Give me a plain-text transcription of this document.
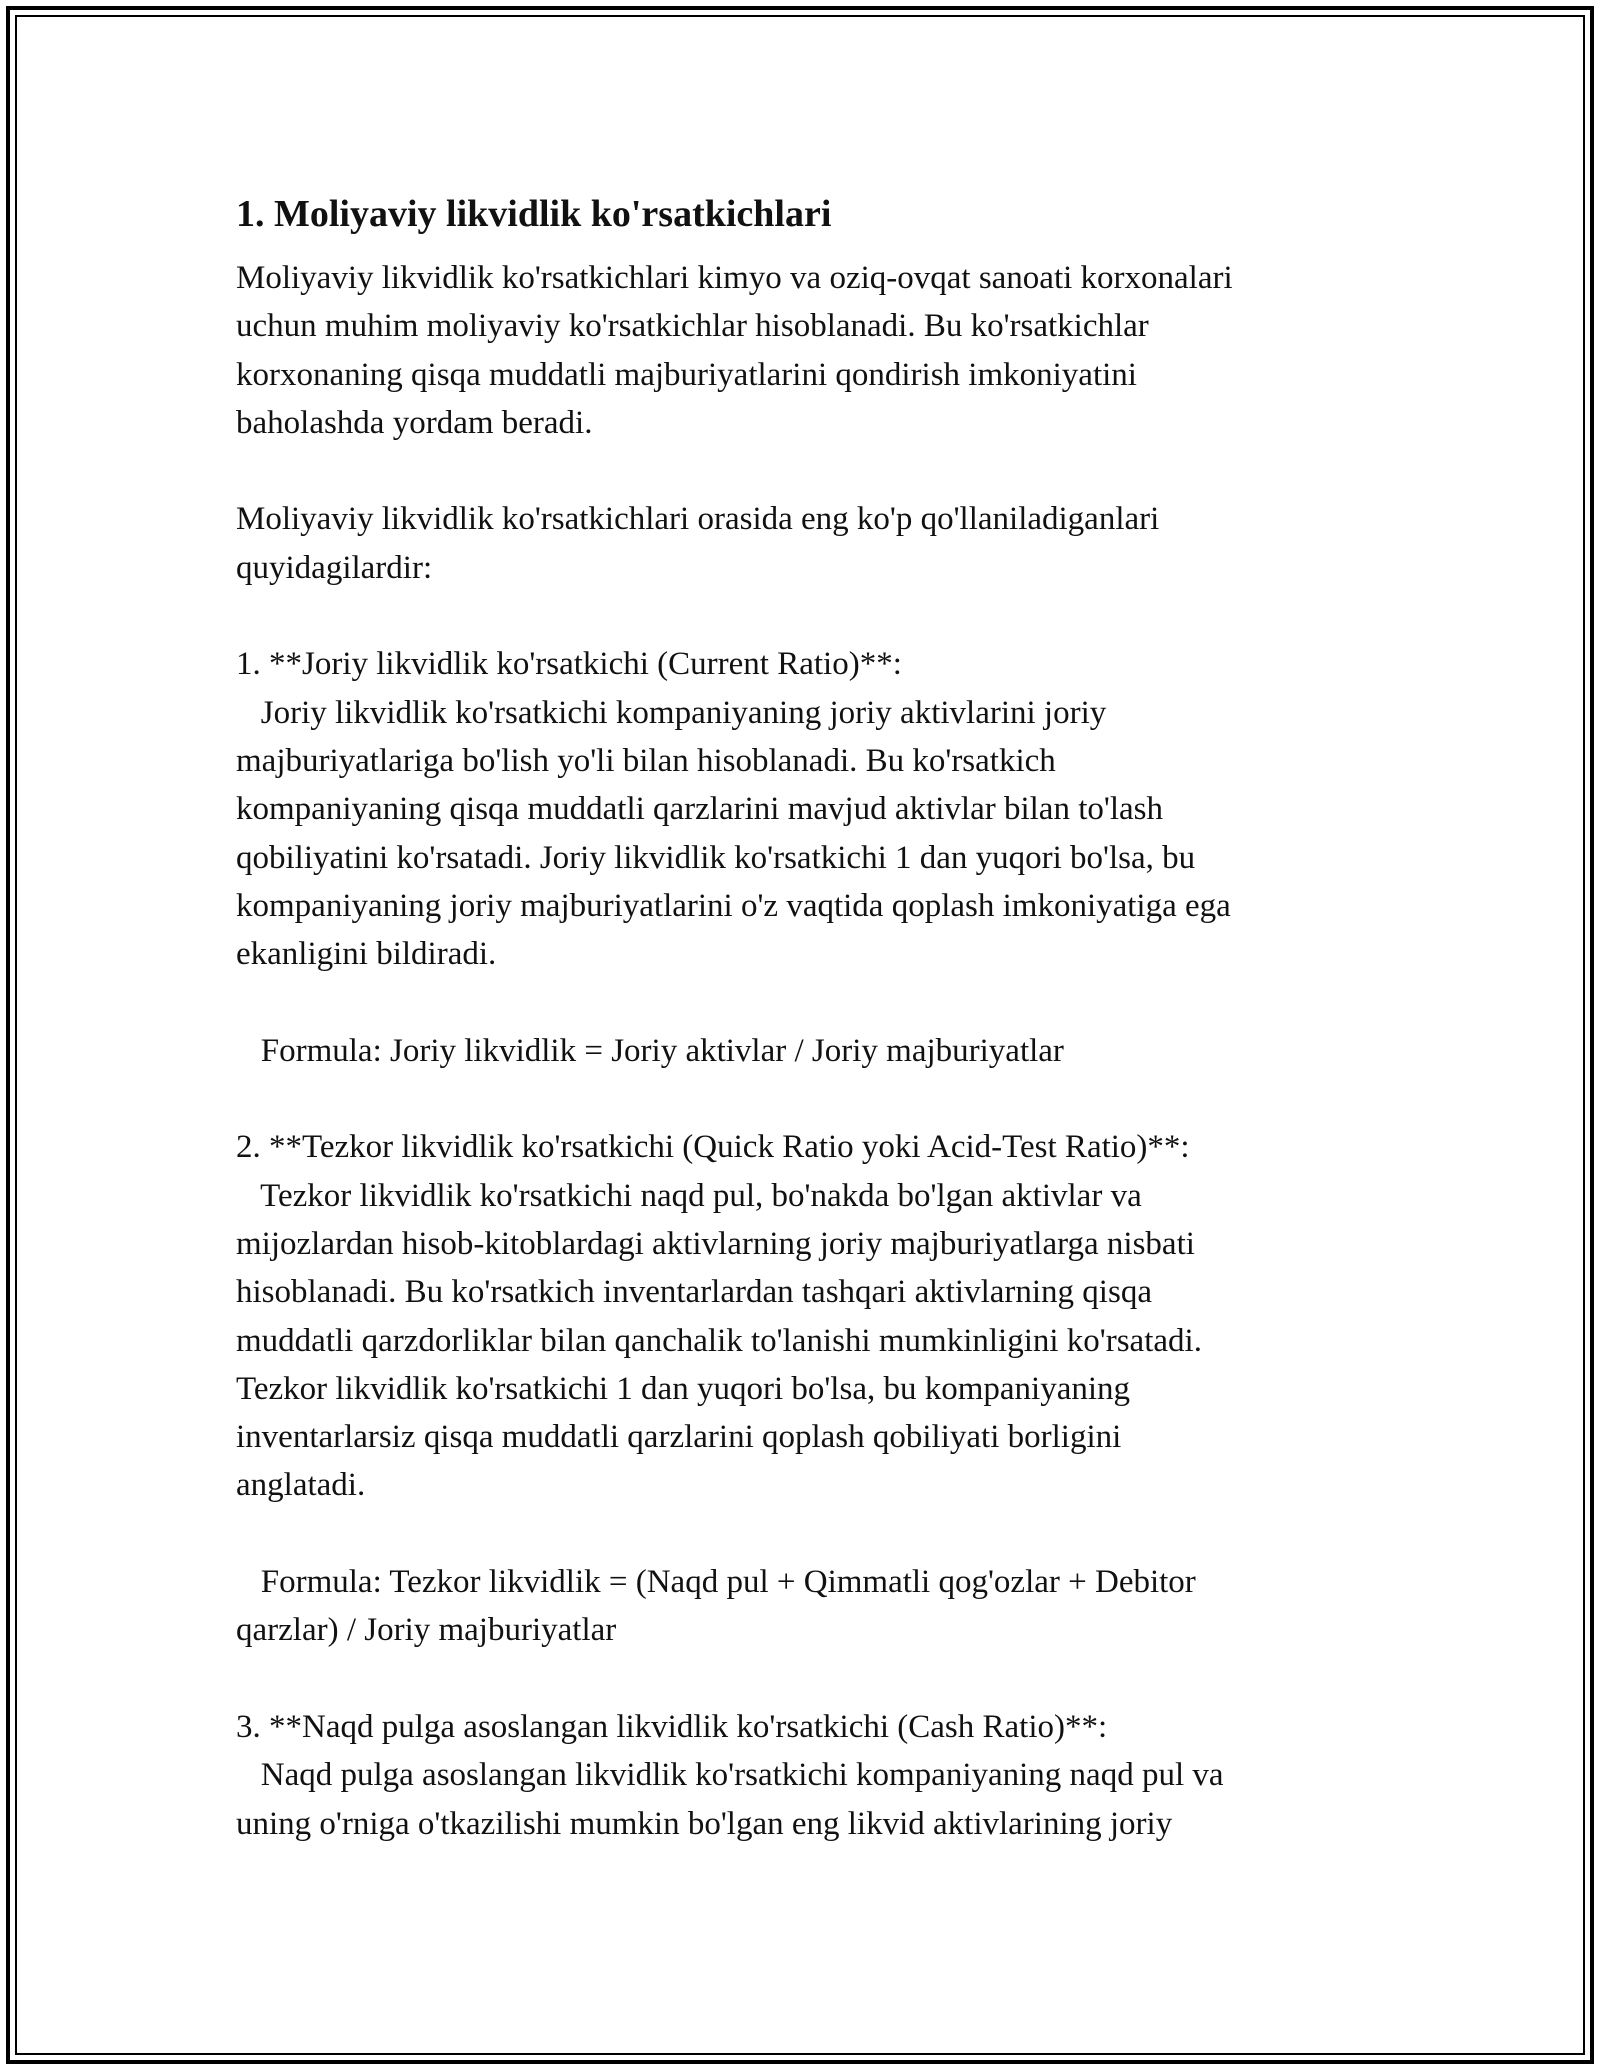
1. Moliyaviy likvidlik ko'rsatkichlari
Moliyaviy likvidlik ko'rsatkichlari kimyo va oziq-ovqat sanoati korxonalari
uchun muhim moliyaviy ko'rsatkichlar hisoblanadi. Bu ko'rsatkichlar
korxonaning qisqa muddatli majburiyatlarini qondirish imkoniyatini
baholashda yordam beradi.
Moliyaviy likvidlik ko'rsatkichlari orasida eng ko'p qo'llaniladiganlari
quyidagilardir:
1. **Joriy likvidlik ko'rsatkichi (Current Ratio)**:
Joriy likvidlik ko'rsatkichi kompaniyaning joriy aktivlarini joriy
majburiyatlariga bo'lish yo'li bilan hisoblanadi. Bu ko'rsatkich
kompaniyaning qisqa muddatli qarzlarini mavjud aktivlar bilan to'lash
qobiliyatini ko'rsatadi. Joriy likvidlik ko'rsatkichi 1 dan yuqori bo'lsa, bu
kompaniyaning joriy majburiyatlarini o'z vaqtida qoplash imkoniyatiga ega
ekanligini bildiradi.
Formula: Joriy likvidlik = Joriy aktivlar / Joriy majburiyatlar
2. **Tezkor likvidlik ko'rsatkichi (Quick Ratio yoki Acid-Test Ratio)**:
Tezkor likvidlik ko'rsatkichi naqd pul, bo'nakda bo'lgan aktivlar va
mijozlardan hisob-kitoblardagi aktivlarning joriy majburiyatlarga nisbati
hisoblanadi. Bu ko'rsatkich inventarlardan tashqari aktivlarning qisqa
muddatli qarzdorliklar bilan qanchalik to'lanishi mumkinligini ko'rsatadi.
Tezkor likvidlik ko'rsatkichi 1 dan yuqori bo'lsa, bu kompaniyaning
inventarlarsiz qisqa muddatli qarzlarini qoplash qobiliyati borligini
anglatadi.
Formula: Tezkor likvidlik = (Naqd pul + Qimmatli qog'ozlar + Debitor
qarzlar) / Joriy majburiyatlar
3. **Naqd pulga asoslangan likvidlik ko'rsatkichi (Cash Ratio)**:
Naqd pulga asoslangan likvidlik ko'rsatkichi kompaniyaning naqd pul va
uning o'rniga o'tkazilishi mumkin bo'lgan eng likvid aktivlarining joriy
